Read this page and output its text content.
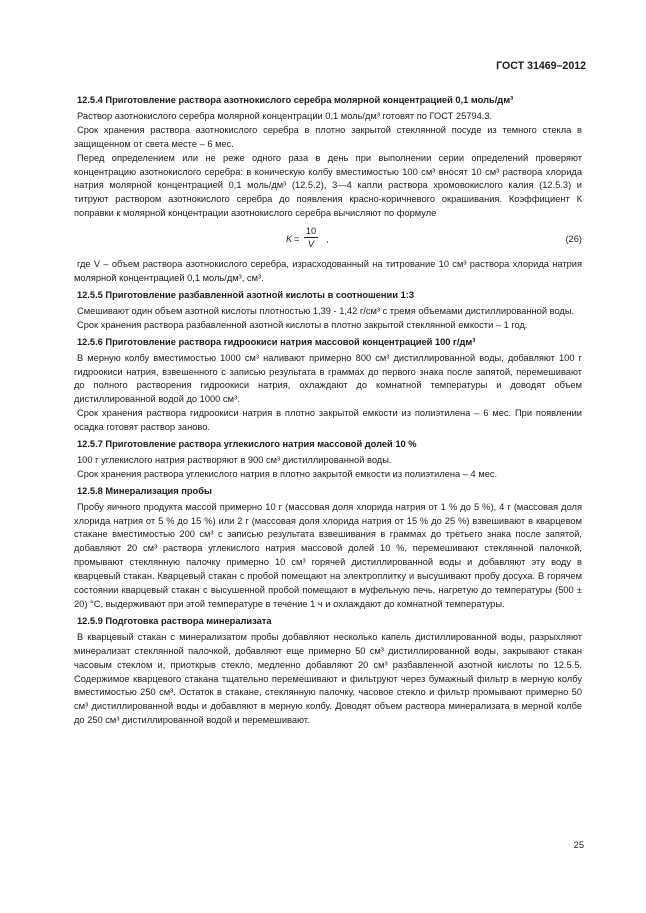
ГОСТ 31469–2012
12.5.4 Приготовление раствора азотнокислого серебра молярной концентрацией 0,1 моль/дм³

Раствор азотнокислого серебра молярной концентрации 0,1 моль/дм³ готовят по ГОСТ 25794.3.

Срок хранения раствора азотнокислого серебра в плотно закрытой стеклянной посуде из темного стекла в защищенном от света месте – 6 мес.

Перед определением или не реже одного раза в день при выполнении серии определений проверяют концентрацию азотнокислого серебра: в коническую колбу вместимостью 100 см³ вносят 10 см³ раствора хлорида натрия молярной концентрацией 0,1 моль/дм³ (12.5.2), 3—4 капли раствора хромовокислого калия (12.5.3) и титруют раствором азотнокислого серебра до появления красно-коричневого окрашивания. Коэффициент К поправки к молярной концентрации азотнокислого серебра вычисляют по формуле

$K = \frac{10}{V}$ ,	(26)

где V – объем раствора азотнокислого серебра, израсходованный на титрование 10 см³ раствора хлорида натрия молярной концентрацией 0,1 моль/дм³, см³.

12.5.5 Приготовление разбавленной азотной кислоты в соотношении 1:3

Смешивают один объем азотной кислоты плотностью 1,39 - 1,42 г/см³ с тремя объемами дистиллированной воды.

Срок хранения раствора разбавленной азотной кислоты в плотно закрытой стеклянной емкости – 1 год.

12.5.6 Приготовление раствора гидроокиси натрия массовой концентрацией 100 г/дм³

В мерную колбу вместимостью 1000 см³ наливают примерно 800 см³ дистиллированной воды, добавляют 100 г гидроокиси натрия, взвешенного с записью результата в граммах до первого знака после запятой, перемешивают до полного растворения гидроокиси натрия, охлаждают до комнатной температуры и доводят объем дистиллированной водой до 1000 см³.

Срок хранения раствора гидроокиси натрия в плотно закрытой емкости из полиэтилена – 6 мес. При появлении осадка готовят раствор заново.

12.5.7 Приготовление раствора углекислого натрия массовой долей 10 %

100 г углекислого натрия растворяют в 900 см³ дистиллированной воды.

Срок хранения раствора углекислого натрия в плотно закрытой емкости из полиэтилена – 4 мес.

12.5.8 Минерализация пробы

Пробу яичного продукта массой примерно 10 г (массовая доля хлорида натрия от 1 % до 5 %), 4 г (массовая доля хлорида натрия от 5 % до 15 %) или 2 г (массовая доля хлорида натрия от 15 % до 25 %) взвешивают в кварцевом стакане вместимостью 200 см³ с записью результата взвешивания в граммах до третьего знака после запятой, добавляют 20 см³ раствора углекислого натрия массовой долей 10 %, перемешивают стеклянной палочкой, промывают стеклянную палочку примерно 10 см³ горячей дистиллированной воды и добавляют эту воду в кварцевый стакан. Кварцевый стакан с пробой помещают на электроплитку и высушивают пробу досуха. В горячем состоянии кварцевый стакан с высушенной пробой помещают в муфельную печь, нагретую до температуры (500 ± 20) °С, выдерживают при этой температуре в течение 1 ч и охлаждают до комнатной температуры.

12.5.9 Подготовка раствора минерализата

В кварцевый стакан с минерализатом пробы добавляют несколько капель дистиллированной воды, разрыхляют минерализат стеклянной палочкой, добавляют еще примерно 50 см³ дистиллированной воды, закрывают стакан часовым стеклом и, приоткрыв стекло, медленно добавляют 20 см³ разбавленной азотной кислоты по 12.5.5. Содержимое кварцевого стакана тщательно перемешивают и фильтруют через бумажный фильтр в мерную колбу вместимостью 250 см³. Остаток в стакане, стеклянную палочку, часовое стекло и фильтр промывают примерно 50 см³ дистиллированной воды и добавляют в мерную колбу. Доводят объем раствора минерализата в мерной колбе до 250 см³ дистиллированной водой и перемешивают.

25
